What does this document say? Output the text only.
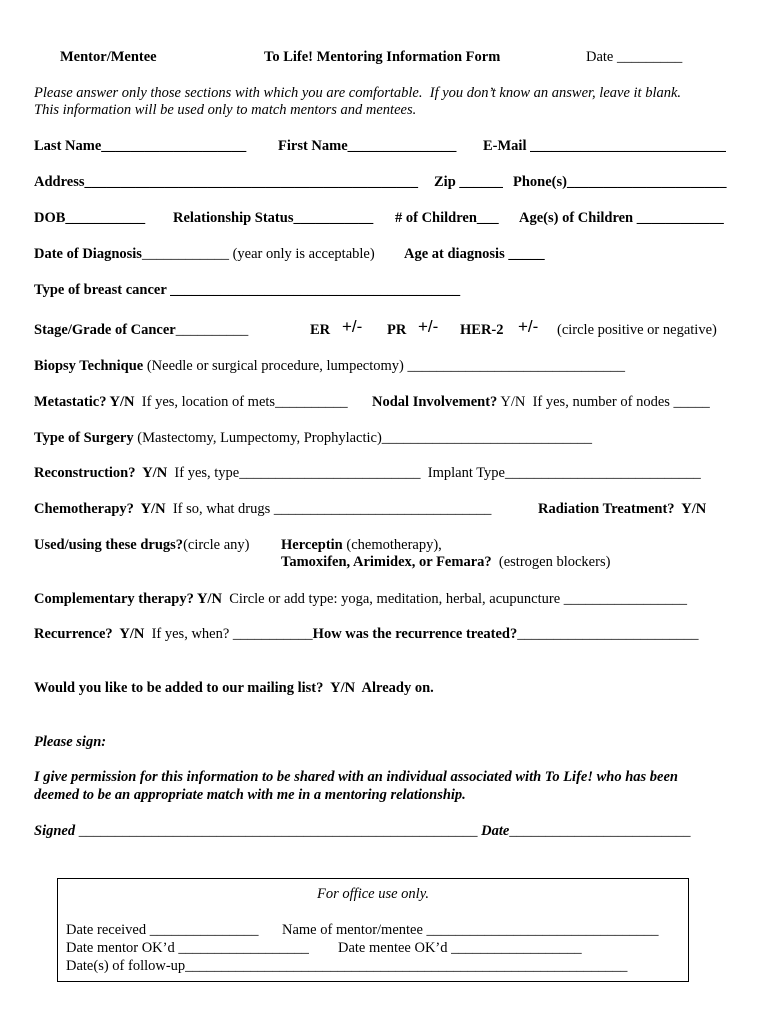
Mentor/Mentee	To Life! Mentoring Information Form	Date _________
Please answer only those sections with which you are comfortable.  If you don’t know an answer, leave it blank.
This information will be used only to match mentors and mentees.
Last Name____________________ First Name_______________ E-Mail ___________________________
Address______________________________________________ Zip ______ Phone(s)______________________
DOB___________ Relationship Status___________ # of Children___ Age(s) of Children ____________
Date of Diagnosis____________ (year only is acceptable) Age at diagnosis _____
Type of breast cancer ________________________________________
Stage/Grade of Cancer__________	ER +/- PR +/- HER-2 +/- (circle positive or negative)
Biopsy Technique (Needle or surgical procedure, lumpectomy) ______________________________
Metastatic? Y/N  If yes, location of mets__________ Nodal Involvement? Y/N  If yes, number of nodes _____
Type of Surgery (Mastectomy, Lumpectomy, Prophylactic)_____________________________
Reconstruction?  Y/N  If yes, type_________________________  Implant Type___________________________
Chemotherapy?  Y/N  If so, what drugs ______________________________	Radiation Treatment?  Y/N
Used/using these drugs?(circle any) Herceptin (chemotherapy),
Tamoxifen, Arimidex, or Femara?  (estrogen blockers)
Complementary therapy? Y/N  Circle or add type: yoga, meditation, herbal, acupuncture _________________
Recurrence?  Y/N  If yes, when? ___________How was the recurrence treated?_________________________
Would you like to be added to our mailing list?  Y/N  Already on.
Please sign:
I give permission for this information to be shared with an individual associated with To Life! who has been
deemed to be an appropriate match with me in a mentoring relationship.
Signed _______________________________________________________ Date_________________________
For office use only.
Date received _______________ Name of mentor/mentee ________________________________
Date mentor OK’d __________________ Date mentee OK’d __________________
Date(s) of follow-up_____________________________________________________________
